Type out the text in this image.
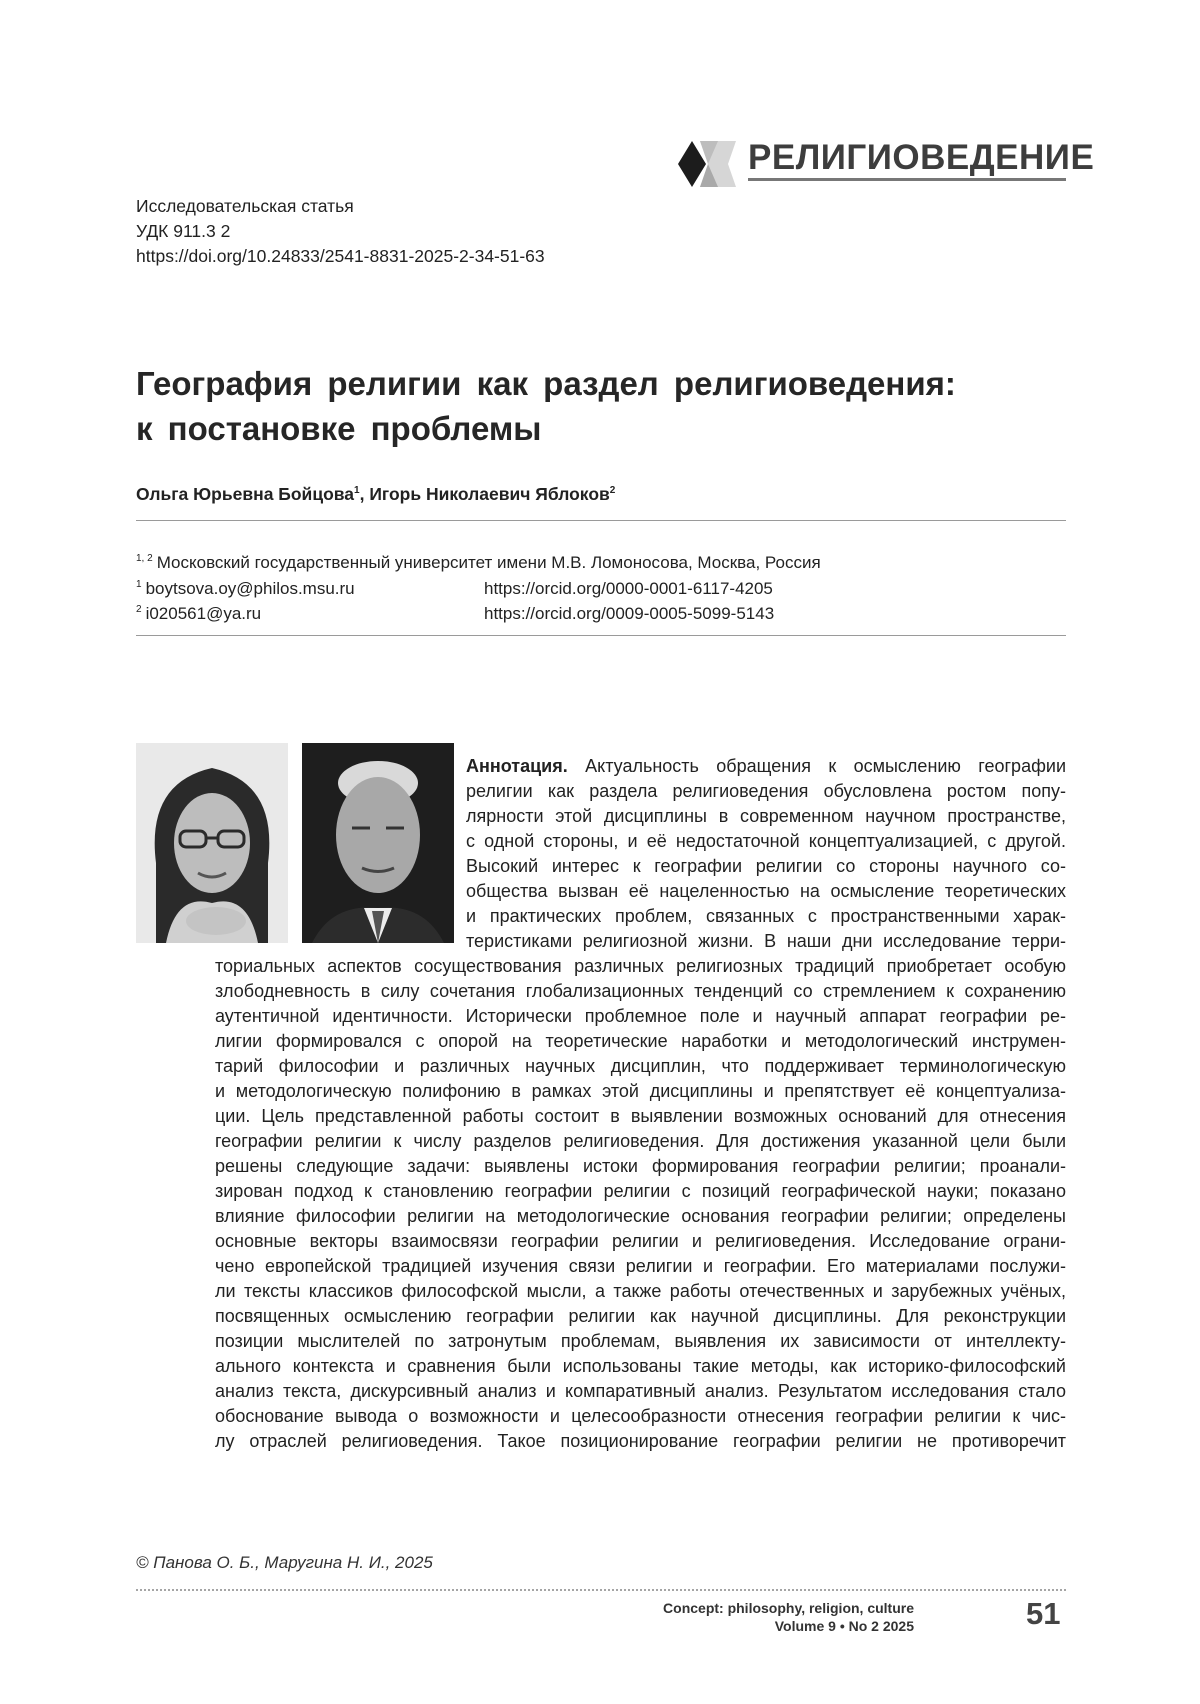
РЕЛИГИОВЕДЕНИЕ
Исследовательская статья
УДК 911.3 2
https://doi.org/10.24833/2541-8831-2025-2-34-51-63
География религии как раздел религиоведения:
к постановке проблемы
Ольга Юрьевна Бойцова$^1$, Игорь Николаевич Яблоков$^2$
$^{1, 2}$ Московский государственный университет имени М.В. Ломоносова, Москва, Россия
$^1$ boytsova.oy@philos.msu.ru	https://orcid.org/0000-0001-6117-4205
$^2$ i020561@ya.ru	https://orcid.org/0009-0005-5099-5143
Аннотация. Актуальность обращения к осмыслению географии
религии как раздела религиоведения обусловлена ростом попу-
лярности этой дисциплины в современном научном пространстве,
с одной стороны, и её недостаточной концептуализацией, с другой.
Высокий интерес к географии религии со стороны научного со-
общества вызван её нацеленностью на осмысление теоретических
и практических проблем, связанных с пространственными харак-
теристиками религиозной жизни. В наши дни исследование терри-
ториальных аспектов сосуществования различных религиозных традиций приобретает особую
злободневность в силу сочетания глобализационных тенденций со стремлением к сохранению
аутентичной идентичности. Исторически проблемное поле и научный аппарат географии ре-
лигии формировался с опорой на теоретические наработки и методологический инструмен-
тарий философии и различных научных дисциплин, что поддерживает терминологическую
и методологическую полифонию в рамках этой дисциплины и препятствует её концептуализа-
ции. Цель представленной работы состоит в выявлении возможных оснований для отнесения
географии религии к числу разделов религиоведения. Для достижения указанной цели были
решены следующие задачи: выявлены истоки формирования географии религии; проанали-
зирован подход к становлению географии религии с позиций географической науки; показано
влияние философии религии на методологические основания географии религии; определены
основные векторы взаимосвязи географии религии и религиоведения. Исследование ограни-
чено европейской традицией изучения связи религии и географии. Его материалами послужи-
ли тексты классиков философской мысли, а также работы отечественных и зарубежных учёных,
посвященных осмыслению географии религии как научной дисциплины. Для реконструкции
позиции мыслителей по затронутым проблемам, выявления их зависимости от интеллекту-
ального контекста и сравнения были использованы такие методы, как историко-философский
анализ текста, дискурсивный анализ и компаративный анализ. Результатом исследования стало
обоснование вывода о возможности и целесообразности отнесения географии религии к чис-
лу отраслей религиоведения. Такое позиционирование географии религии не противоречит
© Панова О. Б., Маругина Н. И., 2025
Concept: philosophy, religion, culture
Volume 9 • No 2 2025	51
